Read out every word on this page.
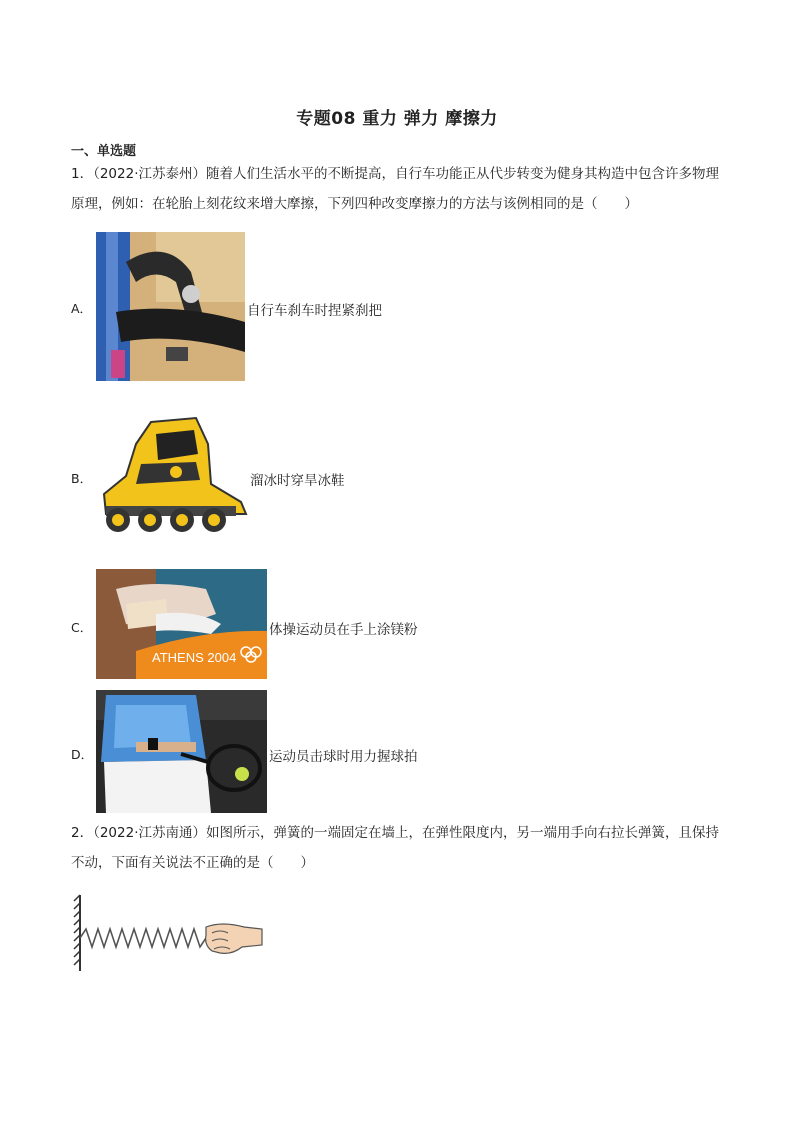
专题08 重力 弹力 摩擦力
一、单选题
1．（2022·江苏泰州）随着人们生活水平的不断提高，自行车功能正从代步转变为健身其构造中包含许多物理原理，例如：在轮胎上刻花纹来增大摩擦，下列四种改变摩擦力的方法与该例相同的是（　　）
A．	自行车刹车时捏紧刹把
B．	溜冰时穿旱冰鞋
C．
ATHENS 2004
体操运动员在手上涂镁粉
D．	运动员击球时用力握球拍
2．（2022·江苏南通）如图所示，弹簧的一端固定在墙上，在弹性限度内，另一端用手向右拉长弹簧，且保持不动，下面有关说法不正确的是（　　）
